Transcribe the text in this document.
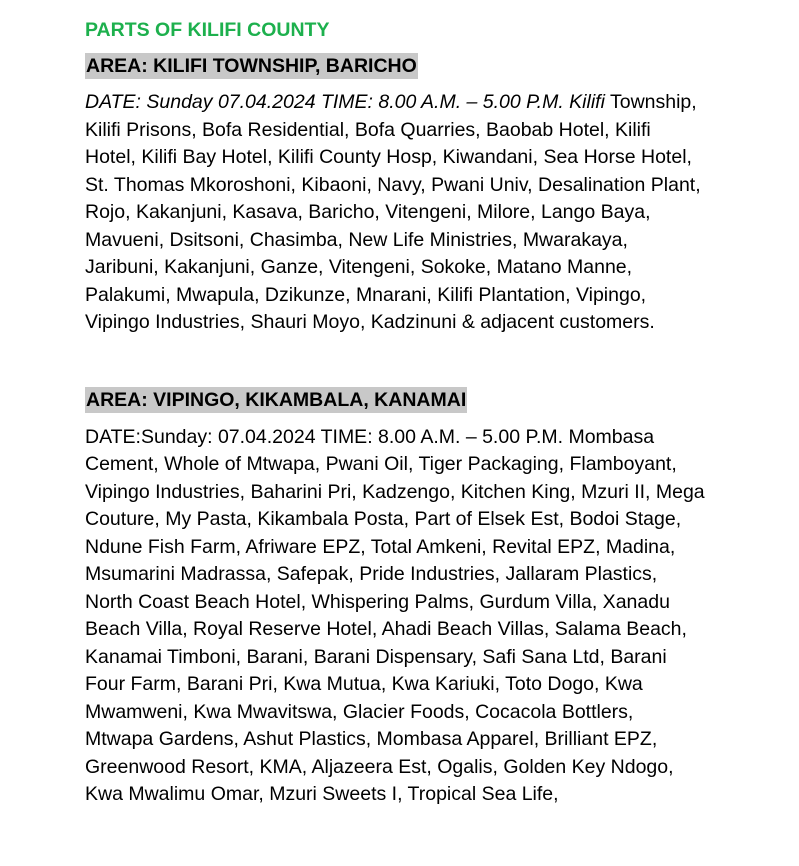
PARTS OF KILIFI COUNTY
AREA: KILIFI TOWNSHIP, BARICHO

DATE: Sunday 07.04.2024 TIME: 8.00 A.M. – 5.00 P.M. Kilifi Township, Kilifi Prisons, Bofa Residential, Bofa Quarries, Baobab Hotel, Kilifi Hotel, Kilifi Bay Hotel, Kilifi County Hosp, Kiwandani, Sea Horse Hotel, St. Thomas Mkoroshoni, Kibaoni, Navy, Pwani Univ, Desalination Plant, Rojo, Kakanjuni, Kasava, Baricho, Vitengeni, Milore, Lango Baya, Mavueni, Dsitsoni, Chasimba, New Life Ministries, Mwarakaya, Jaribuni, Kakanjuni, Ganze, Vitengeni, Sokoke, Matano Manne, Palakumi, Mwapula, Dzikunze, Mnarani, Kilifi Plantation, Vipingo, Vipingo Industries, Shauri Moyo, Kadzinuni & adjacent customers.

AREA: VIPINGO, KIKAMBALA, KANAMAI

DATE:Sunday: 07.04.2024 TIME: 8.00 A.M. – 5.00 P.M. Mombasa Cement, Whole of Mtwapa, Pwani Oil, Tiger Packaging, Flamboyant, Vipingo Industries, Baharini Pri, Kadzengo, Kitchen King, Mzuri II, Mega Couture, My Pasta, Kikambala Posta, Part of Elsek Est, Bodoi Stage, Ndune Fish Farm, Afriware EPZ, Total Amkeni, Revital EPZ, Madina, Msumarini Madrassa, Safepak, Pride Industries, Jallaram Plastics, North Coast Beach Hotel, Whispering Palms, Gurdum Villa, Xanadu Beach Villa, Royal Reserve Hotel, Ahadi Beach Villas, Salama Beach, Kanamai Timboni, Barani, Barani Dispensary, Safi Sana Ltd, Barani Four Farm, Barani Pri, Kwa Mutua, Kwa Kariuki, Toto Dogo, Kwa Mwamweni, Kwa Mwavitswa, Glacier Foods, Cocacola Bottlers, Mtwapa Gardens, Ashut Plastics, Mombasa Apparel, Brilliant EPZ, Greenwood Resort, KMA, Aljazeera Est, Ogalis, Golden Key Ndogo, Kwa Mwalimu Omar, Mzuri Sweets I, Tropical Sea Life,
